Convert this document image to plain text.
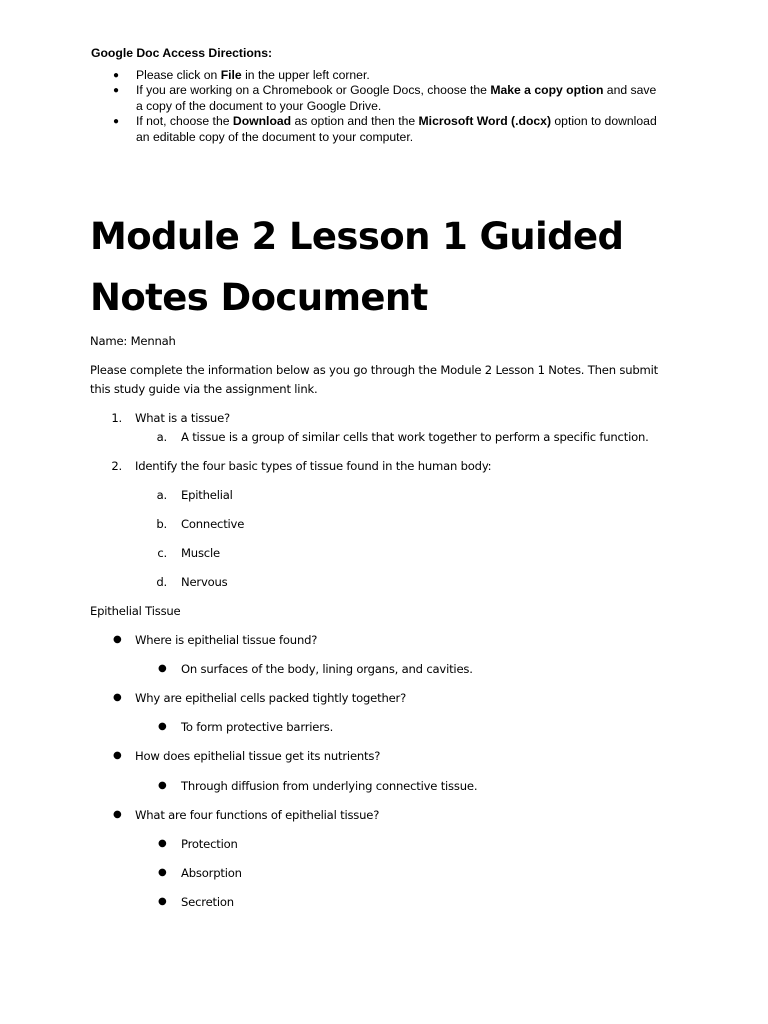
Google Doc Access Directions:
● Please click on File in the upper left corner.
● If you are working on a Chromebook or Google Docs, choose the Make a copy option and save
a copy of the document to your Google Drive.
● If not, choose the Download as option and then the Microsoft Word (.docx) option to download
an editable copy of the document to your computer.
Module 2 Lesson 1 Guided
Notes Document
Name: Mennah
Please complete the information below as you go through the Module 2 Lesson 1 Notes. Then submit
this study guide via the assignment link.
1. What is a tissue?
a. A tissue is a group of similar cells that work together to perform a specific function.
2. Identify the four basic types of tissue found in the human body:
a. Epithelial
b. Connective
c. Muscle
d. Nervous
Epithelial Tissue
● Where is epithelial tissue found?
● On surfaces of the body, lining organs, and cavities.
● Why are epithelial cells packed tightly together?
● To form protective barriers.
● How does epithelial tissue get its nutrients?
● Through diffusion from underlying connective tissue.
● What are four functions of epithelial tissue?
● Protection
● Absorption
● Secretion
